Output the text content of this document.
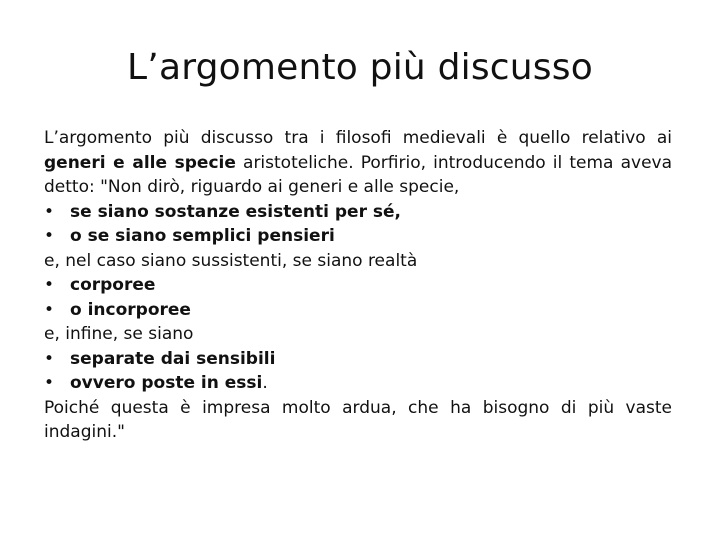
L’argomento più discusso

L’argomento più discusso tra i filosofi medievali è quello relativo ai generi e alle specie aristoteliche. Porfirio, introducendo il tema aveva detto: "Non dirò, riguardo ai generi e alle specie,

• se siano sostanze esistenti per sé,
• o se siano semplici pensieri
e, nel caso siano sussistenti, se siano realtà
• corporee
• o incorporee
e, infine, se siano
• separate dai sensibili
• ovvero poste in essi.

Poiché questa è impresa molto ardua, che ha bisogno di più vaste indagini."
